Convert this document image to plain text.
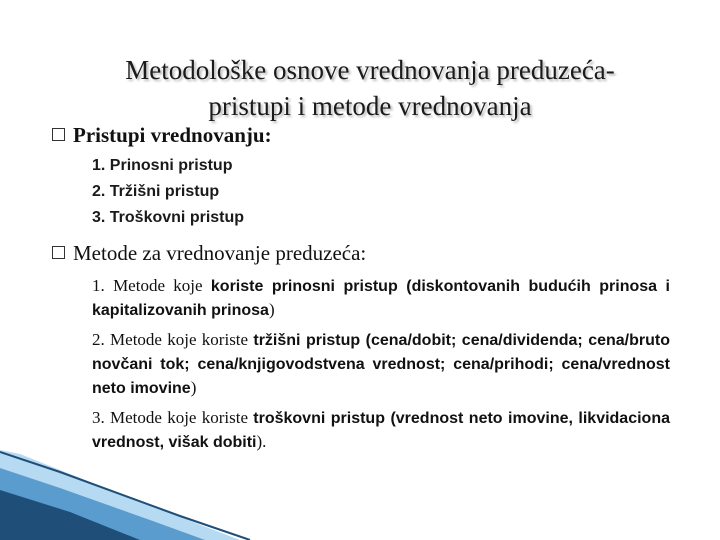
Metodološke osnove vrednovanja preduzeća-
pristupi i metode vrednovanja
Pristupi vrednovanju:
1. Prinosni pristup
2. Tržišni pristup
3. Troškovni pristup
Metode za vrednovanje preduzeća:
1. Metode koje koriste prinosni pristup (diskontovanih budućih prinosa i kapitalizovanih prinosa)
2. Metode koje koriste tržišni pristup (cena/dobit; cena/dividenda; cena/bruto novčani tok; cena/knjigovodstvena vrednost; cena/prihodi; cena/vrednost neto imovine)
3. Metode koje koriste troškovni pristup (vrednost neto imovine, likvidaciona vrednost, višak dobiti).
